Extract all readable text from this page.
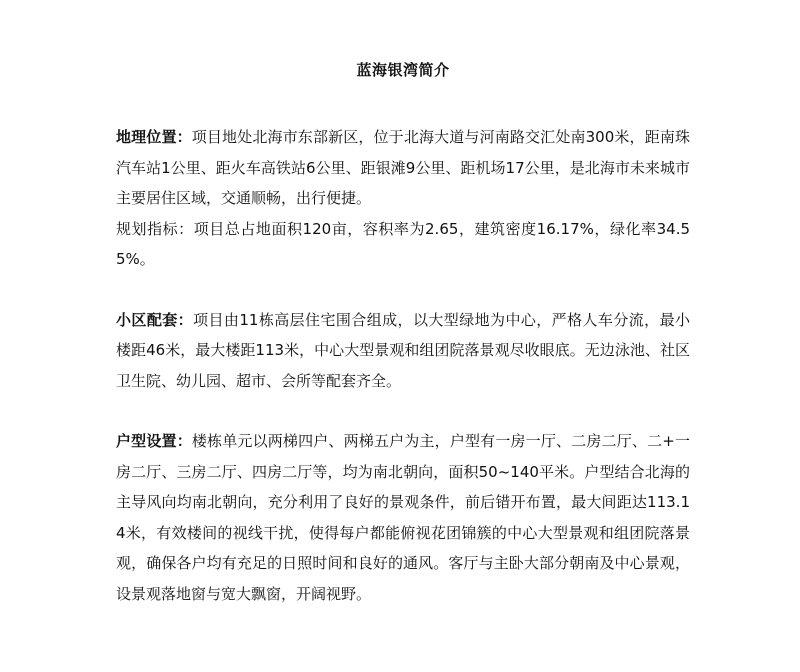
蓝海银湾简介

地理位置：项目地处北海市东部新区，位于北海大道与河南路交汇处南300米，距南珠汽车站1公里、距火车高铁站6公里、距银滩9公里、距机场17公里，是北海市未来城市主要居住区域，交通顺畅，出行便捷。

规划指标：项目总占地面积120亩，容积率为2.65，建筑密度16.17%，绿化率34.55%。

小区配套：项目由11栋高层住宅围合组成，以大型绿地为中心，严格人车分流，最小楼距46米，最大楼距113米，中心大型景观和组团院落景观尽收眼底。无边泳池、社区卫生院、幼儿园、超市、会所等配套齐全。

户型设置：楼栋单元以两梯四户、两梯五户为主，户型有一房一厅、二房二厅、二+一房二厅、三房二厅、四房二厅等，均为南北朝向，面积50~140平米。户型结合北海的主导风向均南北朝向，充分利用了良好的景观条件，前后错开布置，最大间距达113.14米，有效楼间的视线干扰，使得每户都能俯视花团锦簇的中心大型景观和组团院落景观，确保各户均有充足的日照时间和良好的通风。客厅与主卧大部分朝南及中心景观，设景观落地窗与宽大飘窗，开阔视野。
